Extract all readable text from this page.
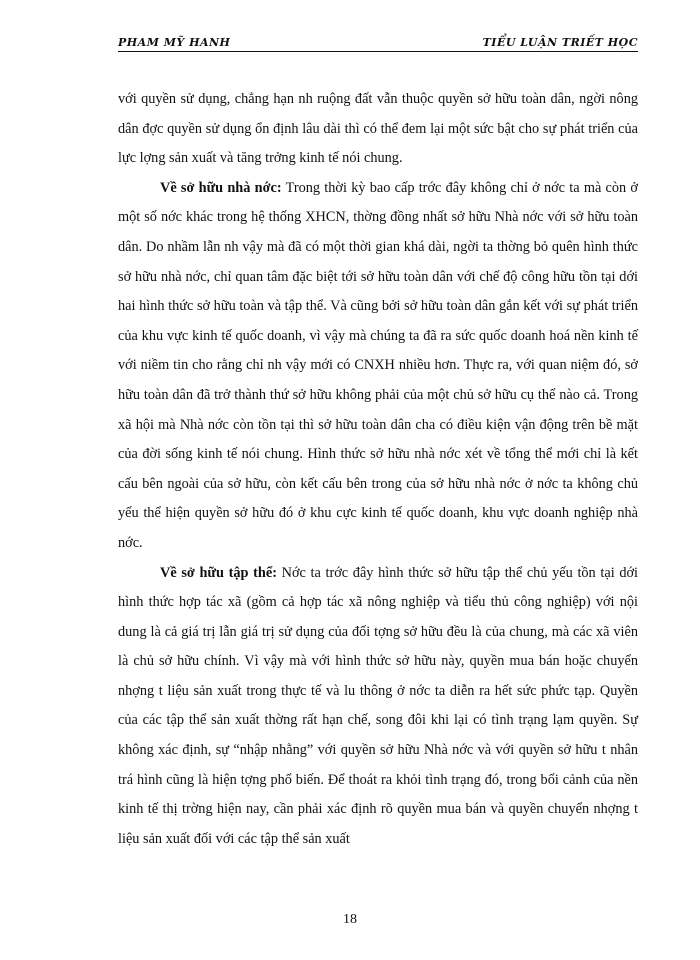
PHAM MỸ HANH	TIỂU LUẬN TRIẾT HỌC

với quyền sử dụng, chẳng hạn nh ruộng đất vẫn thuộc quyền sở hữu toàn dân, ngời nông dân đợc quyền sử dụng ổn định lâu dài thì có thể đem lại một sức bật cho sự phát triển của lực lợng sản xuất và tăng trởng kinh tế nói chung.

Về sở hữu nhà nớc: Trong thời kỳ bao cấp trớc đây không chỉ ở nớc ta mà còn ở một số nớc khác trong hệ thống XHCN, thờng đồng nhất sở hữu Nhà nớc với sở hữu toàn dân. Do nhầm lẫn nh vậy mà đã có một thời gian khá dài, ngời ta thờng bỏ quên hình thức sở hữu nhà nớc, chỉ quan tâm đặc biệt tới sở hữu toàn dân với chế độ công hữu tồn tại dới hai hình thức sở hữu toàn và tập thể. Và cũng bởi sở hữu toàn dân gắn kết với sự phát triển của khu vực kinh tế quốc doanh, vì vậy mà chúng ta đã ra sức quốc doanh hoá nền kinh tế với niềm tin cho rằng chỉ nh vậy mới có CNXH nhiều hơn. Thực ra, với quan niệm đó, sở hữu toàn dân đã trở thành thứ sở hữu không phải của một chủ sở hữu cụ thể nào cả. Trong xã hội mà Nhà nớc còn tồn tại thì sở hữu toàn dân cha có điều kiện vận động trên bề mặt của đời sống kinh tế nói chung. Hình thức sở hữu nhà nớc xét về tổng thể mới chỉ là kết cấu bên ngoài của sở hữu, còn kết cấu bên trong của sở hữu nhà nớc ở nớc ta không chủ yếu thể hiện quyền sở hữu đó ở khu cực kinh tế quốc doanh, khu vực doanh nghiệp nhà nớc.

Về sở hữu tập thể: Nớc ta trớc đây hình thức sở hữu tập thể chủ yếu tồn tại dới hình thức hợp tác xã (gồm cả hợp tác xã nông nghiệp và tiểu thủ công nghiệp) với nội dung là cả giá trị lẫn giá trị sử dụng của đối tợng sở hữu đều là của chung, mà các xã viên là chủ sở hữu chính. Vì vậy mà với hình thức sở hữu này, quyền mua bán hoặc chuyển nhợng t liệu sản xuất trong thực tế và lu thông ở nớc ta diễn ra hết sức phức tạp. Quyền của các tập thể sản xuất thờng rất hạn chế, song đôi khi lại có tình trạng lạm quyền. Sự không xác định, sự “nhập nhằng” với quyền sở hữu Nhà nớc và với quyền sở hữu t nhân trá hình cũng là hiện tợng phổ biến. Để thoát ra khỏi tình trạng đó, trong bối cảnh của nền kinh tế thị trờng hiện nay, cần phải xác định rõ quyền mua bán và quyền chuyển nhợng t liệu sản xuất đối với các tập thể sản xuất

18
